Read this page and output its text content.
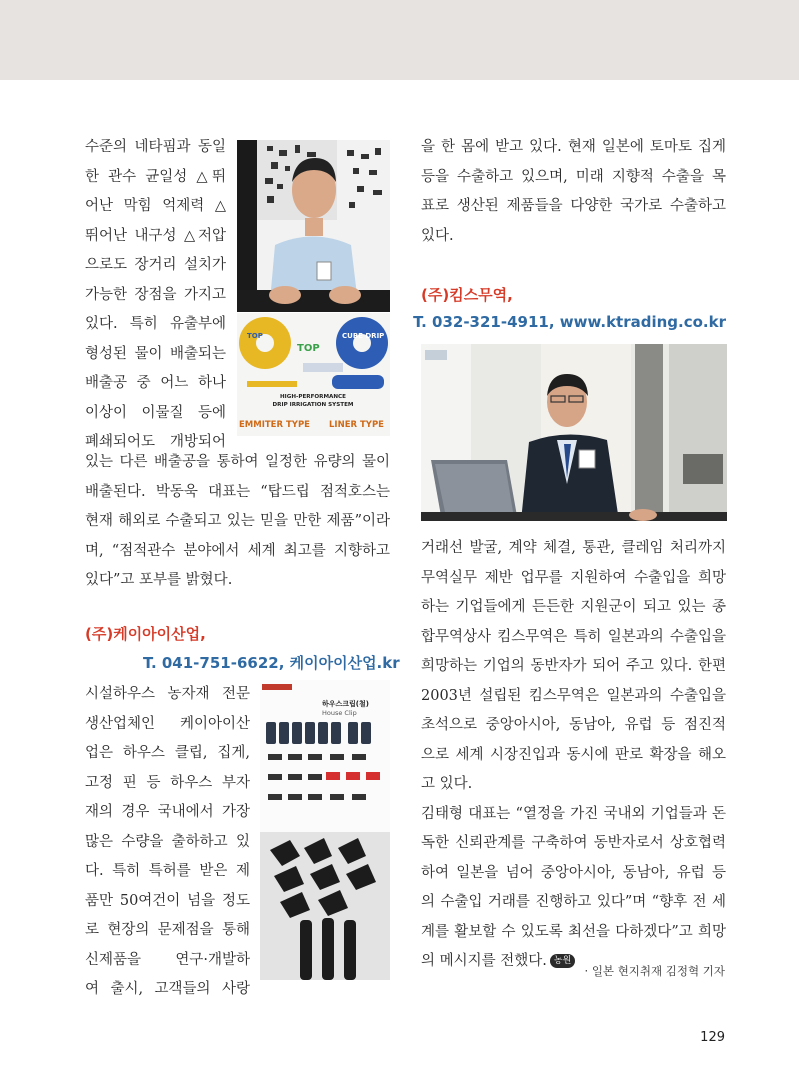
수준의 네타핌과 동일
한 관수 균일성 △뛰
어난 막힘 억제력 △
뛰어난 내구성 △저압
으로도 장거리 설치가
가능한 장점을 가지고
있다. 특히 유출부에
형성된 물이 배출되는
배출공 중 어느 하나
이상이 이물질 등에
폐쇄되어도 개방되어
있는 다른 배출공을 통하여 일정한 유량의 물이
배출된다. 박동욱 대표는 “탑드립 점적호스는
현재 해외로 수출되고 있는 믿을 만한 제품”이라
며, “점적관수 분야에서 세계 최고를 지향하고
있다”고 포부를 밝혔다.
(주)케이아이산업,
T. 041-751-6622, 케이아이산업.kr
시설하우스 농자재 전문
생산업체인 케이아이산
업은 하우스 클립, 집게,
고정 핀 등 하우스 부자
재의 경우 국내에서 가장
많은 수량을 출하하고 있
다. 특히 특허를 받은 제
품만 50여건이 넘을 정도
로 현장의 문제점을 통해
신제품을 연구·개발하
여 출시, 고객들의 사랑
을 한 몸에 받고 있다. 현재 일본에 토마토 집게
등을 수출하고 있으며, 미래 지향적 수출을 목
표로 생산된 제품들을 다양한 국가로 수출하고
있다.
(주)킴스무역,
T. 032-321-4911, www.ktrading.co.kr
거래선 발굴, 계약 체결, 통관, 클레임 처리까지
무역실무 제반 업무를 지원하여 수출입을 희망
하는 기업들에게 든든한 지원군이 되고 있는 종
합무역상사 킴스무역은 특히 일본과의 수출입을
희망하는 기업의 동반자가 되어 주고 있다. 한편
2003년 설립된 킴스무역은 일본과의 수출입을
초석으로 중앙아시아, 동남아, 유럽 등 점진적
으로 세계 시장진입과 동시에 판로 확장을 해오
고 있다.
김태형 대표는 “열정을 가진 국내외 기업들과 돈
독한 신뢰관계를 구축하여 동반자로서 상호협력
하여 일본을 넘어 중앙아시아, 동남아, 유럽 등
의 수출입 거래를 진행하고 있다”며 “향후 전 세
계를 활보할 수 있도록 최선을 다하겠다”고 희망
의 메시지를 전했다. 농원
· 일본 현지취재 김정혁 기자
129
TOP	CUBE DRIP
TOP
HIGH-PERFORMANCE
DRIP IRRIGATION SYSTEM
EMMITER TYPE LINER TYPE
하우스크립(철)
House Clip
